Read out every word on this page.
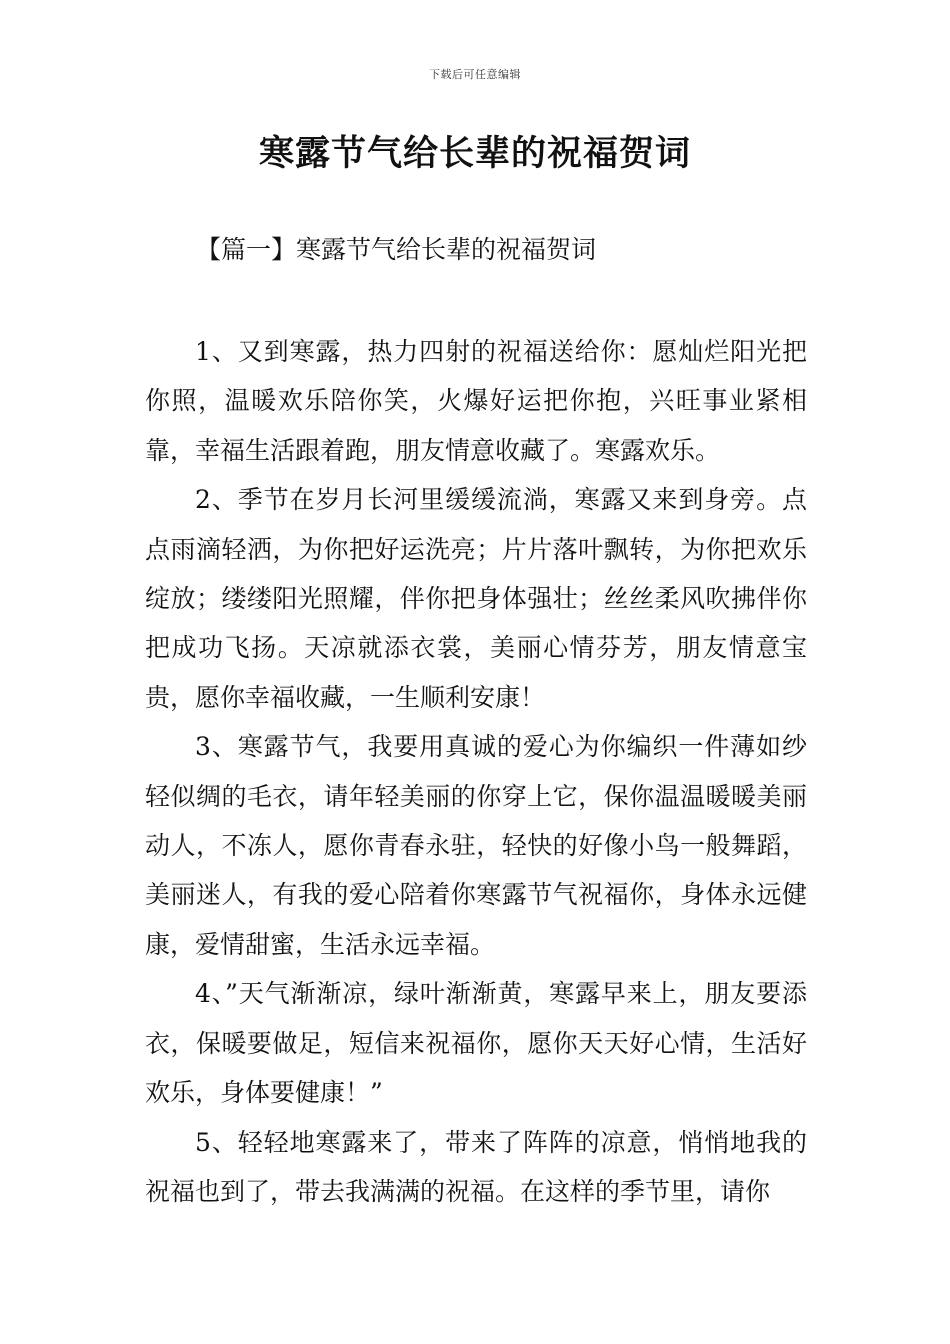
下载后可任意编辑
寒露节气给长辈的祝福贺词
【篇一】寒露节气给长辈的祝福贺词

1、又到寒露，热力四射的祝福送给你：愿灿烂阳光把你照，温暖欢乐陪你笑，火爆好运把你抱，兴旺事业紧相靠，幸福生活跟着跑，朋友情意收藏了。寒露欢乐。

2、季节在岁月长河里缓缓流淌，寒露又来到身旁。点点雨滴轻洒，为你把好运洗亮；片片落叶飘转，为你把欢乐绽放；缕缕阳光照耀，伴你把身体强壮；丝丝柔风吹拂伴你把成功飞扬。天凉就添衣裳，美丽心情芬芳，朋友情意宝贵，愿你幸福收藏，一生顺利安康！

3、寒露节气，我要用真诚的爱心为你编织一件薄如纱轻似绸的毛衣，请年轻美丽的你穿上它，保你温温暖暖美丽动人，不冻人，愿你青春永驻，轻快的好像小鸟一般舞蹈，美丽迷人，有我的爱心陪着你寒露节气祝福你，身体永远健康，爱情甜蜜，生活永远幸福。

4、”天气渐渐凉，绿叶渐渐黄，寒露早来上，朋友要添衣，保暖要做足，短信来祝福你，愿你天天好心情，生活好欢乐，身体要健康！”

5、轻轻地寒露来了，带来了阵阵的凉意，悄悄地我的祝福也到了，带去我满满的祝福。在这样的季节里，请你
